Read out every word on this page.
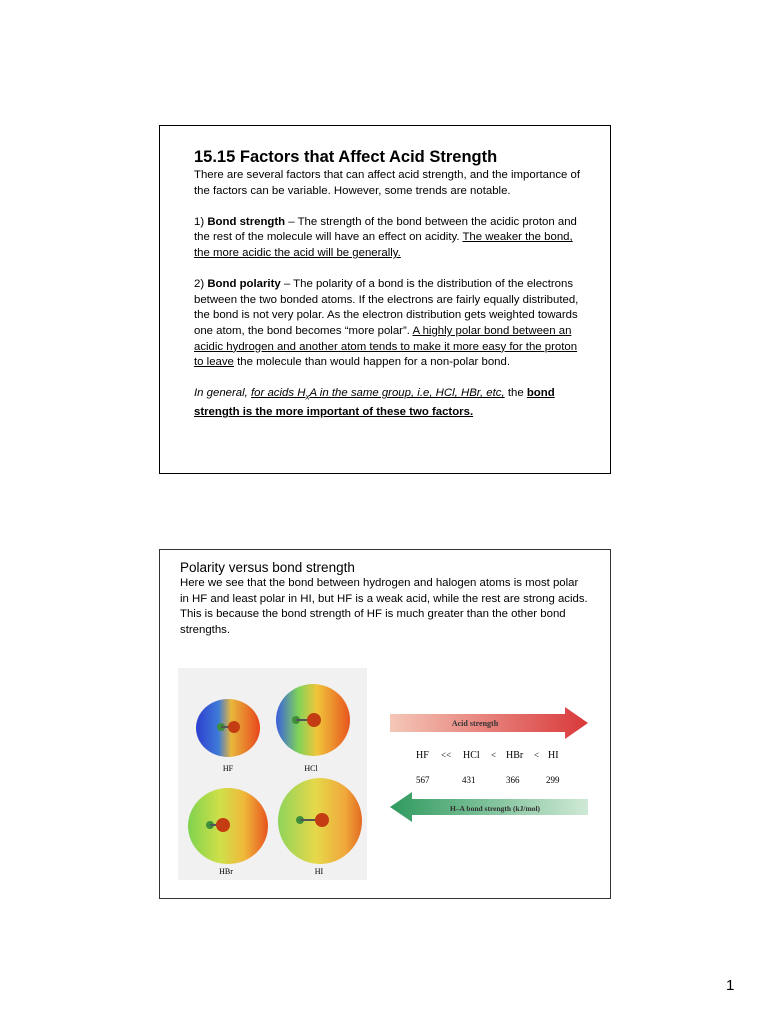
15.15 Factors that Affect Acid Strength

There are several factors that can affect acid strength, and the importance of the factors can be variable. However, some trends are notable.

1) Bond strength – The strength of the bond between the acidic proton and the rest of the molecule will have an effect on acidity. The weaker the bond, the more acidic the acid will be generally.

2) Bond polarity – The polarity of a bond is the distribution of the electrons between the two bonded atoms. If the electrons are fairly equally distributed, the bond is not very polar. As the electron distribution gets weighted towards one atom, the bond becomes “more polar”. A highly polar bond between an acidic hydrogen and another atom tends to make it more easy for the proton to leave the molecule than would happen for a non-polar bond.

In general, for acids $H_xA$ in the same group, i.e, HCl, HBr, etc, the bond strength is the more important of these two factors.

Polarity versus bond strength

Here we see that the bond between hydrogen and halogen atoms is most polar in HF and least polar in HI, but HF is a weak acid, while the rest are strong acids. This is because the bond strength of HF is much greater than the other bond strengths.

HF	HCl
HBr	HI
Acid strength
HF << HCl < HBr < HI
567	431	366	299
H–A bond strength (kJ/mol)
1
